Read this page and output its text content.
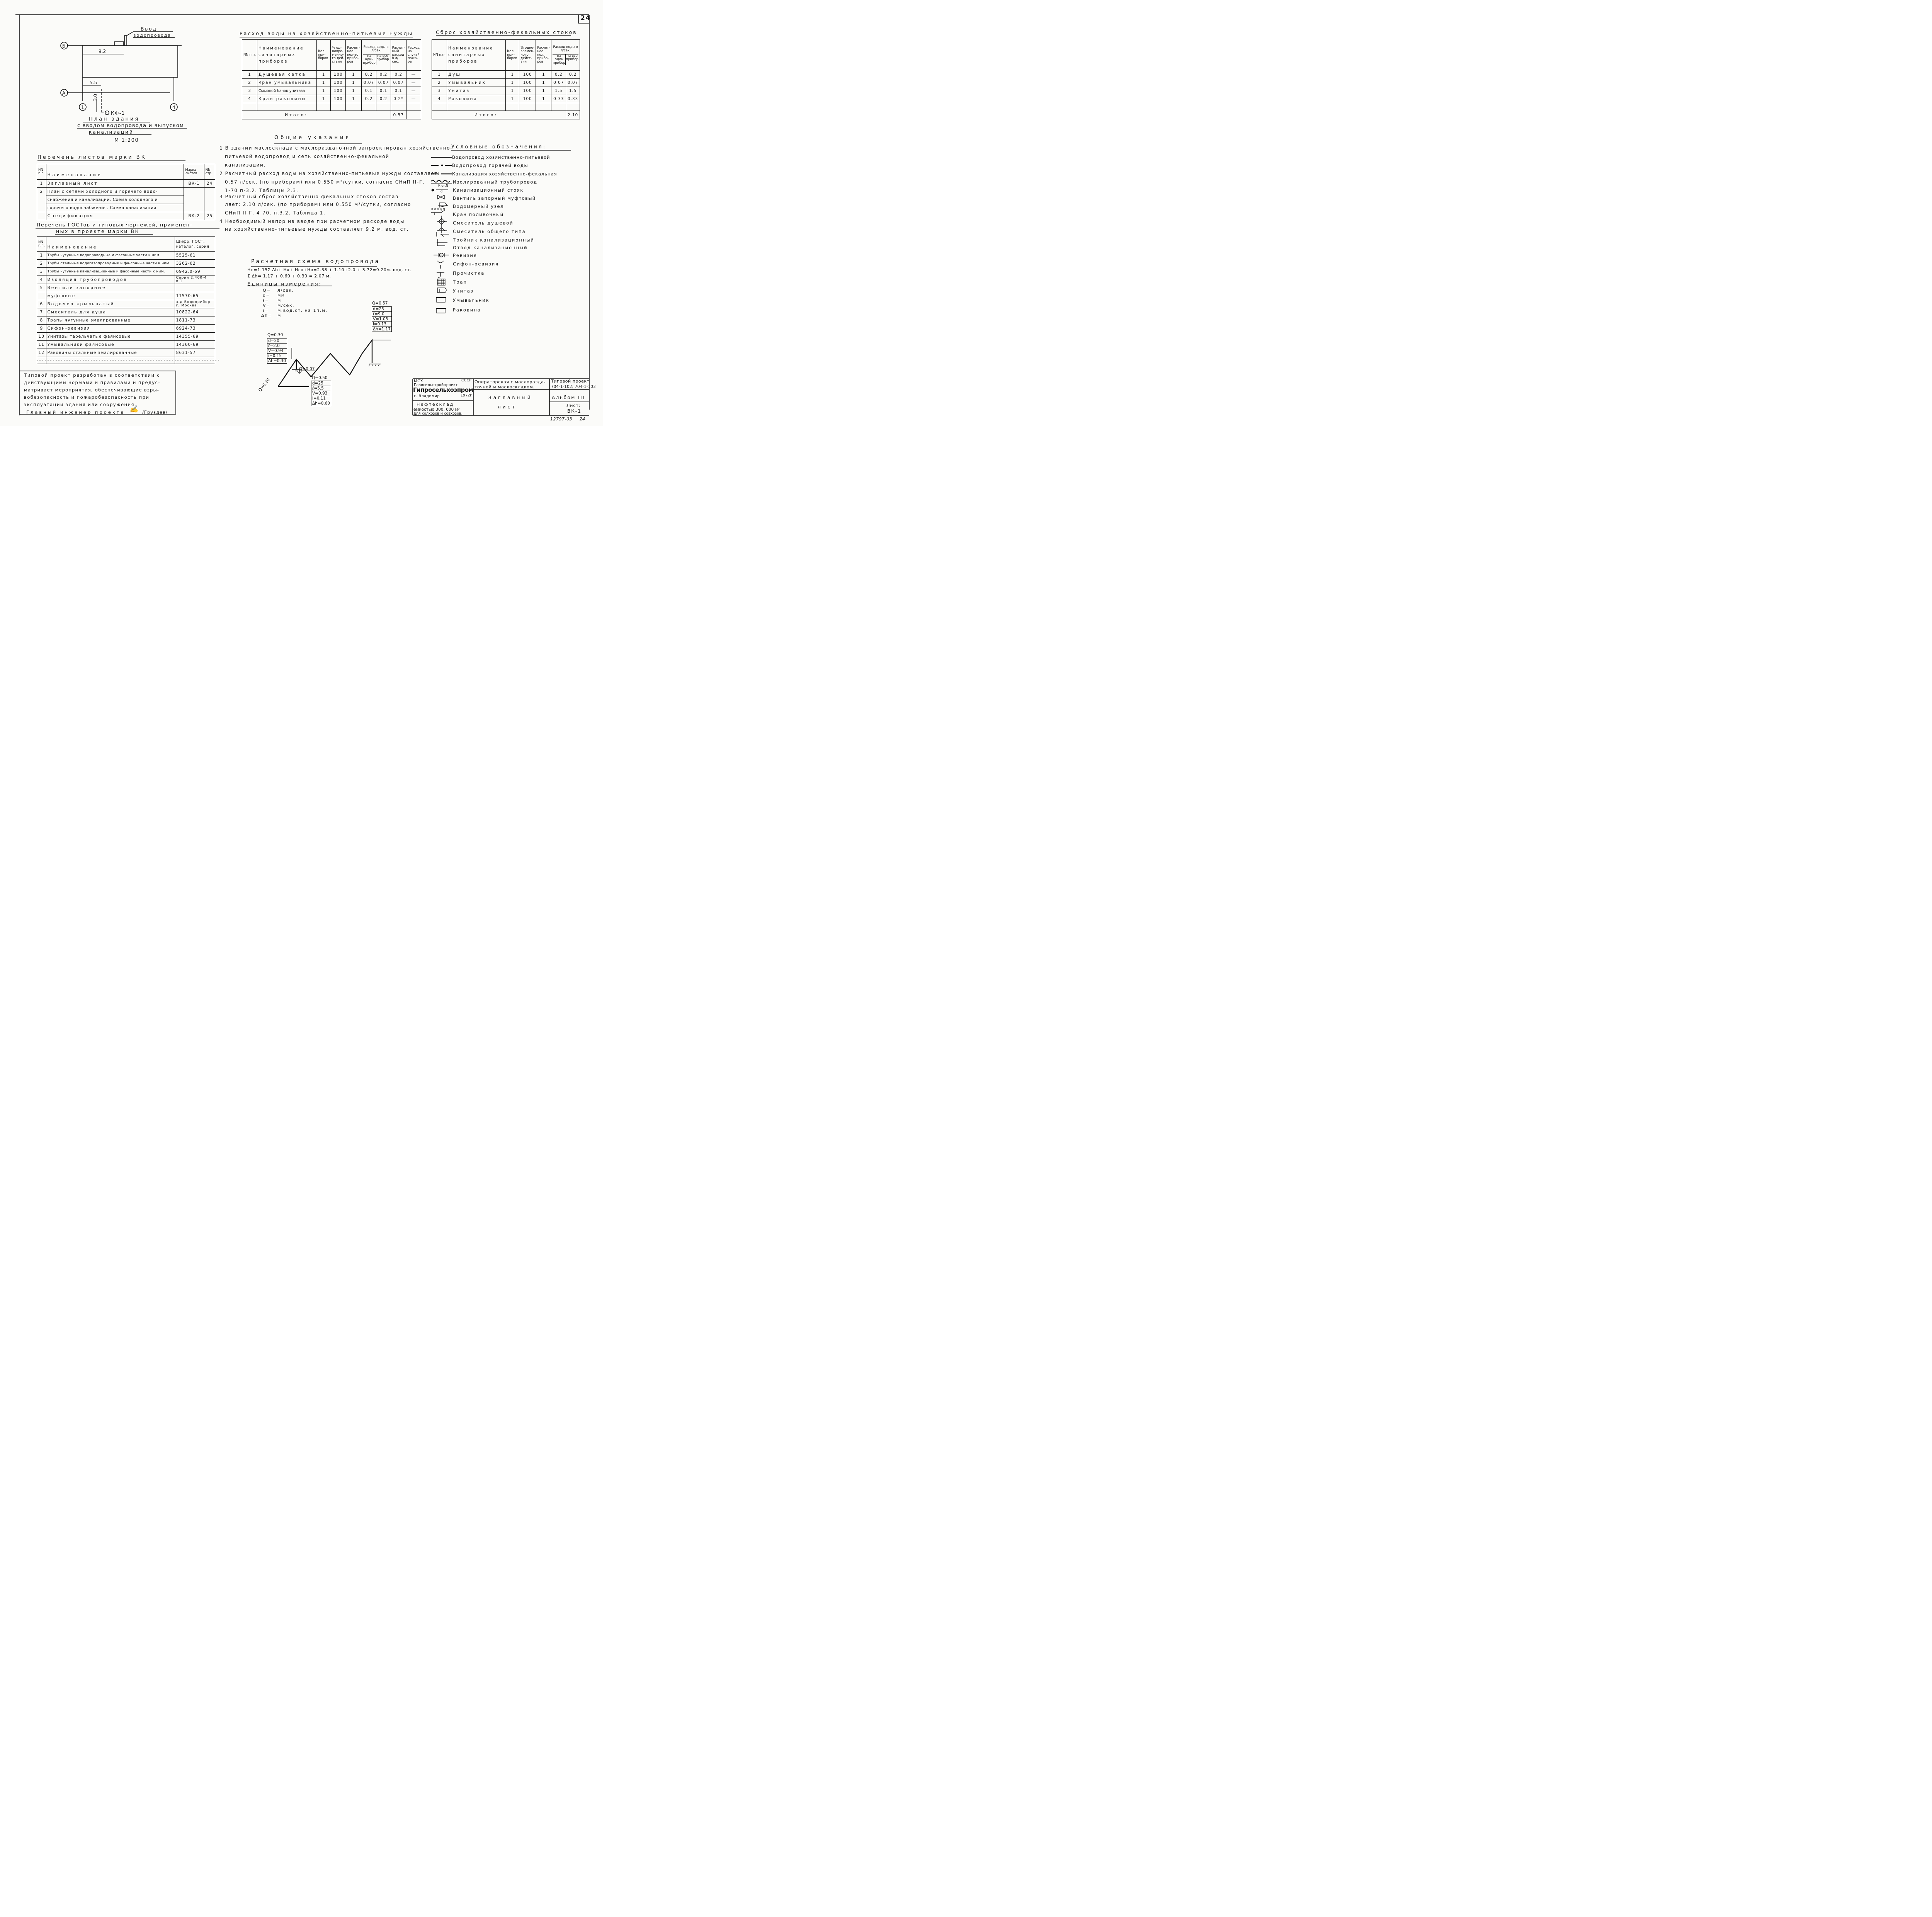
24
Ввод
водопровода
Б
А
1	4
9.2
5.5
3.0
КФ-1
План здания
с вводом водопровода и выпуском
канализаций
М 1:200
Расход воды на хозяйственно-питьевые нужды
NN п.п.	Наименование санитарных приборов	Кол. при-боров	% од-новре-менно-го дей-ствия	Расчет-ное кол-во прибо-ров	Расход воды в л/сек
на один прибор
на все прибор		Расчет-ный расход в л/сек.	Расход на случай пожа-ра
1	Душевая сетка	1	100	1	0.2	0.2	0.2	—
2	Кран умывальника	1	100	1	0.07	0.07	0.07	—
3	Смывной бачок унитаза	1	100	1	0.1	0.1	0.1	—
4	Кран раковины	1	100	1	0.2	0.2	0.2*	—

Итого:							0.57	
Сброс хозяйственно-фекальных стоков
NN п.п.	Наименование санитарных приборов	Кол. при-боров	% одно-времен-ного дейст-вия	Расчет-ное кол. прибо-ров	Расход воды в л/сек.
на один прибор
на все прибор	

1	Душ	1	100	1	0.2	0.2
2	Умывальник	1	100	1	0.07	0.07
3	Унитаз	1	100	1	1.5	1.5
4	Раковина	1	100	1	0.33	0.33

Итого:						2.10
Общие указания
1 В здании маслосклада с маслораздаточной запроектирован хозяйственно-
питьевой водопровод и сеть хозяйственно-фекальной
канализации.
2 Расчетный расход воды на хозяйственно-питьевые нужды составляет:
0.57 л/сек. (по приборам) или 0.550 м³/сутки, согласно СНиП II-Г.
1-70 п-3.2. Таблицы 2.3.
3 Расчетный сброс хозяйственно-фекальных стоков состав-
ляет: 2.10 л/сек. (по приборам) или 0.550 м³/сутки, согласно
СНиП II-Г. 4-70. п.3.2. Таблица 1.
4 Необходимый напор на вводе при расчетном расходе воды
на хозяйственно-питьевые нужды составляет 9.2 м. вод. ст.
Условные обозначения:
Водопровод хозяйственно-питьевой
Водопровод горячей воды
Канализация хозяйственно-фекальная
Изолированный трубопровод
К ст.N
d Канализационный стояк
Вентиль запорный муфтовый
Водомерный узел
К.п.п.д.N
Кран поливочный
Смеситель душевой
Смеситель общего типа
Тройник канализационный
Отвод канализационный
Ревизия
Сифон-ревизия
Прочистка
Трап
Унитаз
Умывальник
Раковина
Перечень листов марки ВК
NN п.п.	Наименование	Марка листов	NN стр.
1	Заглавный лист	ВК-1	24
2	План с сетями холодного и горячего водо-		
	снабжения и канализации. Схема холодного и		
	горячего водоснабжения. Схема канализации		
	Спецификация	ВК-2	25
Перечень ГОСТов и типовых чертежей, применен-
ных в проекте марки ВК
NN п.п.	Наименование	Шифр, ГОСТ, каталог, серия
1	Трубы чугунные водопроводные и фасонные части к ним.	5525-61
2	Трубы стальные водогазопроводные и фа-сонные части к ним.	3262-62
3	Трубы чугунные канализационные и фасонные части к ним.	6942.0-69
4	Изоляция трубопроводов	Серия 2.400-4 в.1
5	Вентили запорные	
	муфтовые	11570-65
6	Водомер крыльчатый	з-д Водоприбор г. Москва
7	Смеситель для душа	10822-64
8	Трапы чугунные эмалированные	1811-73
9	Сифон-ревизия	6924-73
10	Унитазы тарельчатые фаянсовые	14355-69
11	Умывальники фаянсовые	14360-69
12	Раковины стальные эмалированные	8631-57

Типовой проект разработан в соответствии с
действующими нормами и правилами и предус-
матривает мероприятия, обеспечивающие взры-
вобезопасность и пожаробезопасность при
эксплуатации здания или сооружения.
Главный инженер проекта ✍ /Груздев/
Расчетная схема водопровода
Hп=1.15Σ Δh+ Hк+ Hсв+Hв=2.38 + 1.10+2.0 + 3.72=9.20м. вод. ст.
Σ Δh= 1.17 + 0.60 + 0.30 = 2.07 м.
Единицы измерения:
Q= л/сек.
d= мм
ℓ= м
V= м/сек.
i= м.вод.ст. на 1п.м.
Δh= м
Q=0.57
d=25
ℓ=9.0
V=1.03
i=0.13
Δh=1.17
Q=0.30
d=20
ℓ=2.0
V=0.94
i=0.15
Δh=0.30
Q=0.50
d=25
ℓ=5.5
V=0.93
i=0.11
Δh=0.60
Q=0.07
Q=0.20	МСХ	СССР
Главсельстройпроект
Гипросельхозпром
г. Владимир	1972г
Операторская с маслоразда-
точной и маслоскладом.
Типовой проект
704-1-102; 704-1-103
Нефтесклад
емкостью 300, 600 м³
для колхозов и совхозов.
Заглавный
лист
Альбом III
Лист:
ВК-1
12797-03 24
